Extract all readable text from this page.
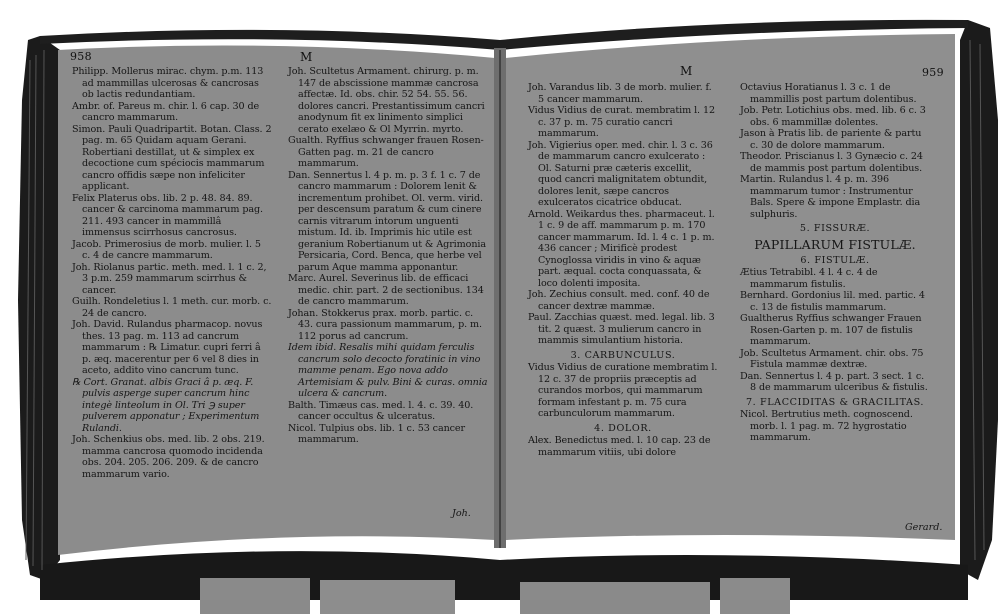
958	M

Philipp. Mollerus mirac. chym. p.m. 113 ad mammillas ulcerosas & cancrosas ob lactis redundantiam.

Ambr. of. Pareus m. chir. l. 6 cap. 30 de cancro mammarum.

Simon. Pauli Quadripartit. Botan. Class. 2 pag. m. 65 Quidam aquam Gerani. Robertiani destillat, ut & simplex ex decoctione cum spéciocis mammarum cancro offidis sæpe non infeliciter applicant.

Felix Platerus obs. lib. 2 p. 48. 84. 89. cancer & carcinoma mammarum pag. 211. 493 cancer in mammillâ immensus scirrhosus cancrosus.

Jacob. Primerosius de morb. mulier. l. 5 c. 4 de cancre mammarum.

Joh. Riolanus partic. meth. med. l. 1 c. 2, 3 p.m. 259 mammarum scirrhus & cancer.

Guilh. Rondeletius l. 1 meth. cur. morb. c. 24 de cancro.

Joh. David. Rulandus pharmacop. novus thes. 13 pag. m. 113 ad cancrum mammarum : ℞ Limatur. cupri ferri â p. æq. macerentur per 6 vel 8 dies in aceto, addito vino cancrum tunc.

℞ Cort. Granat. albis Graci â p. æq. F. pulvis asperge super cancrum hinc integè linteolum in Ol. Tri ℈ super pulverem apponatur ; Experimentum Rulandi.

Joh. Schenkius obs. med. lib. 2 obs. 219. mamma cancrosa quomodo incidenda obs. 204. 205. 206. 209. & de cancro mammarum vario.

Joh. Scultetus Armament. chirurg. p. m. 147 de abscissione mammæ cancrosa affectæ. Id. obs. chir. 52 54. 55. 56. dolores cancri. Prestantissimum cancri anodynum fit ex linimento simplici cerato exelæo & Ol Myrrin. myrto.

Gualth. Ryffius schwanger frauen Rosen-Gatten pag. m. 21 de cancro mammarum.

Dan. Sennertus l. 4 p. m. p. 3 f. 1 c. 7 de cancro mammarum : Dolorem lenit & incrementum prohibet. Ol. verm. virid. per descensum paratum & cum cinere carnis vitrarum intorum unguenti mistum. Id. ib. Imprimis hic utile est geranium Robertianum ut & Agrimonia Persicaria, Cord. Benca, que herbe vel parum Aque mamma apponantur.

Marc. Aurel. Severinus lib. de efficaci medic. chir. part. 2 de sectionibus. 134 de cancro mammarum.

Johan. Stokkerus prax. morb. partic. c. 43. cura passionum mammarum, p. m. 112 porus ad cancrum.

Idem ibid. Resalis mihi quidam ferculis cancrum solo decocto foratinic in vino mamme penam. Ego nova addo Artemisiam & pulv. Bini & curas. omnia ulcera & cancrum.

Balth. Timæus cas. med. l. 4. c. 39. 40. cancer occultus & ulceratus.

Nicol. Tulpius obs. lib. 1 c. 53 cancer mammarum.

Joh.
M	959

Joh. Varandus lib. 3 de morb. mulier. f. 5 cancer mammarum.

Vidus Vidius de curat. membratim l. 12 c. 37 p. m. 75 curatio cancri mammarum.

Joh. Vigierius oper. med. chir. l. 3 c. 36 de mammarum cancro exulcerato : Ol. Saturni præ cæteris excellit, quod cancri malignitatem obtundit, dolores lenit, sæpe cancros exulceratos cicatrice obducat.

Arnold. Weikardus thes. pharmaceut. l. 1 c. 9 de aff. mammarum p. m. 170 cancer mammarum. Id. l. 4 c. 1 p. m. 436 cancer ; Mirificè prodest Cynoglossa viridis in vino & aquæ part. æqual. cocta conquassata, & loco dolenti imposita.

Joh. Zechius consult. med. conf. 40 de cancer dextræ mammæ.

Paul. Zacchias quæst. med. legal. lib. 3 tit. 2 quæst. 3 mulierum cancro in mammis simulantium historia.

3. CARBUNCULUS.

Vidus Vidius de curatione membratim l. 12 c. 37 de propriis præceptis ad curandos morbos, qui mammarum formam infestant p. m. 75 cura carbunculorum mammarum.

4. DOLOR.

Alex. Benedictus med. l. 10 cap. 23 de mammarum vitiis, ubi dolore

Octavius Horatianus l. 3 c. 1 de mammillis post partum dolentibus.

Job. Petr. Lotichius obs. med. lib. 6 c. 3 obs. 6 mammillæ dolentes.

Jason à Pratis lib. de pariente & partu c. 30 de dolore mammarum.

Theodor. Priscianus l. 3 Gynæcio c. 24 de mammis post partum dolentibus.

Martin. Rulandus l. 4 p. m. 396 mammarum tumor : Instrumentur Bals. Spere & impone Emplastr. dia sulphuris.

5. FISSURÆ.

PAPILLARUM FISTULÆ.

6. FISTULÆ.

Ætius Tetrabibl. 4 l. 4 c. 4 de mammarum fistulis.

Bernhard. Gordonius lil. med. partic. 4 c. 13 de fistulis mammarum.

Gualtherus Ryffius schwanger Frauen Rosen-Garten p. m. 107 de fistulis mammarum.

Job. Scultetus Armament. chir. obs. 75 Fistula mammæ dextræ.

Dan. Sennertus l. 4 p. part. 3 sect. 1 c. 8 de mammarum ulceribus & fistulis.

7. FLACCIDITAS & GRACILITAS.

Nicol. Bertrutius meth. cognoscend. morb. l. 1 pag. m. 72 hygrostatio mammarum.

Gerard.
